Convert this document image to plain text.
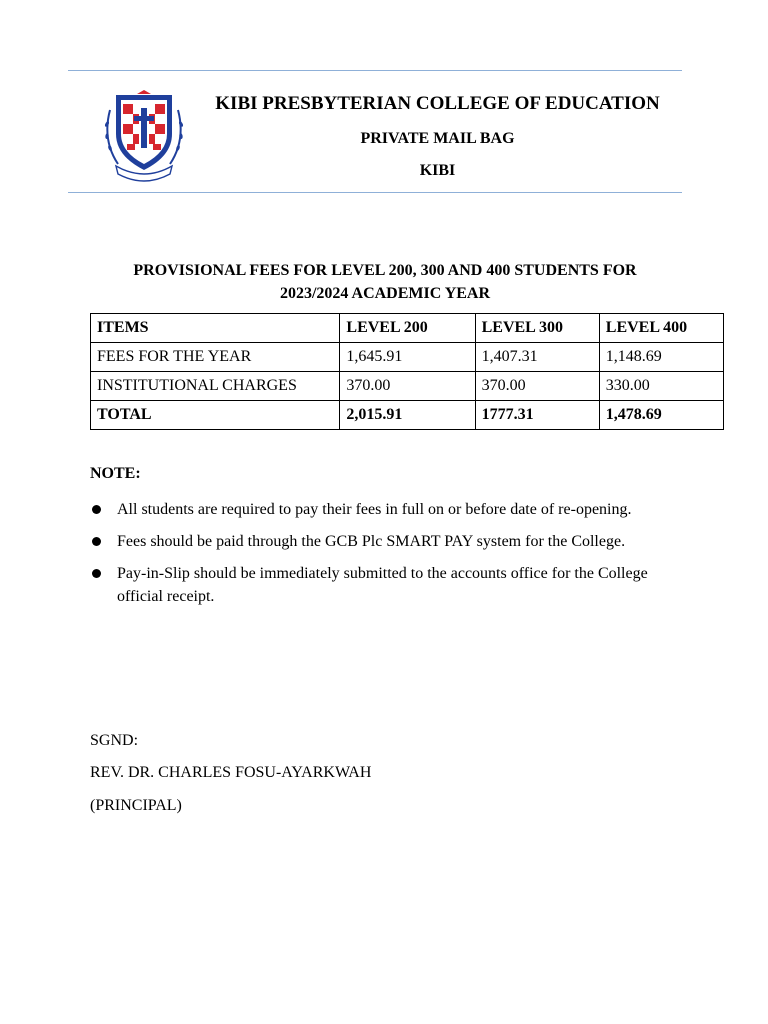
KIBI PRESBYTERIAN COLLEGE OF EDUCATION
PRIVATE MAIL BAG
KIBI
PROVISIONAL FEES FOR LEVEL 200, 300 AND 400 STUDENTS FOR
2023/2024 ACADEMIC YEAR
ITEMS	LEVEL 200	LEVEL 300	LEVEL 400
FEES FOR THE YEAR	1,645.91	1,407.31	1,148.69
INSTITUTIONAL CHARGES	370.00	370.00	330.00
TOTAL	2,015.91	1777.31	1,478.69
NOTE:
All students are required to pay their fees in full on or before date of re-opening.
Fees should be paid through the GCB Plc SMART PAY system for the College.
Pay-in-Slip should be immediately submitted to the accounts office for the College official receipt.
SGND:
REV. DR. CHARLES FOSU-AYARKWAH
(PRINCIPAL)
